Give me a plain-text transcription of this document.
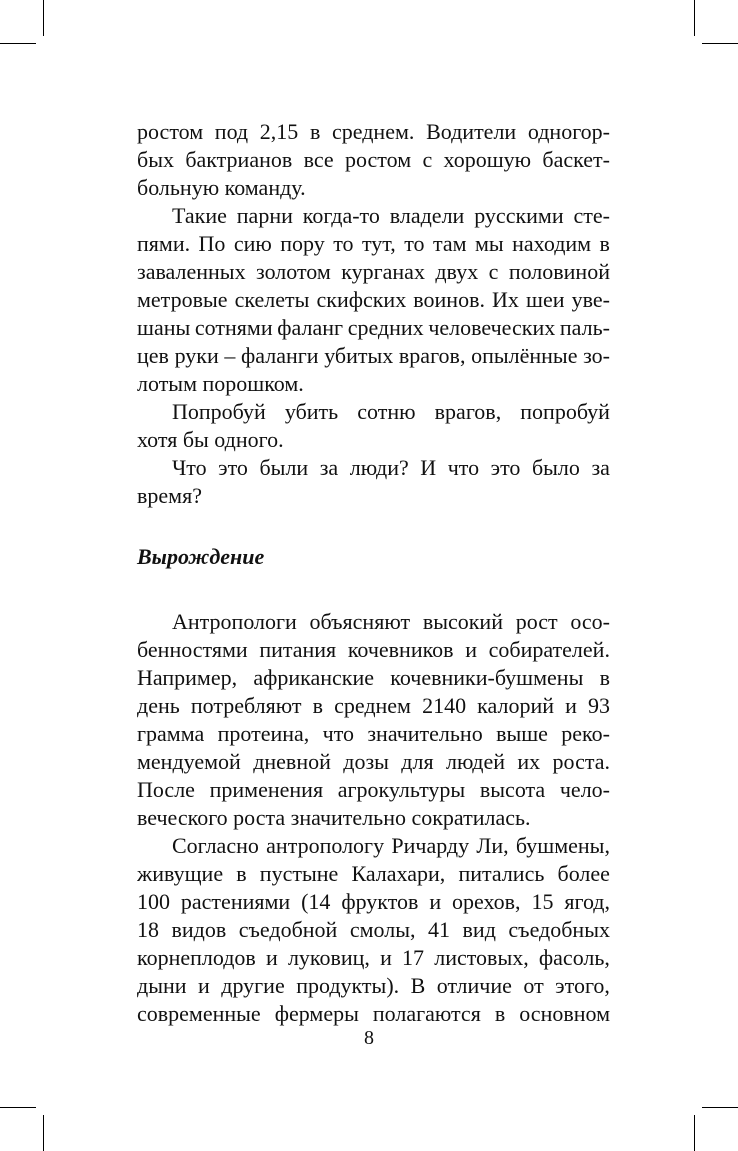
ростом под 2,15 в среднем. Водители одногор-
бых бактрианов все ростом с хорошую баскет-
больную команду.
Такие парни когда-то владели русскими сте-
пями. По сию пору то тут, то там мы находим в
заваленных золотом курганах двух с половиной
метровые скелеты скифских воинов. Их шеи уве-
шаны сотнями фаланг средних человеческих паль-
цев руки – фаланги убитых врагов, опылённые зо-
лотым порошком.
Попробуй убить сотню врагов, попробуй
хотя бы одного.
Что это были за люди? И что это было за
время?
Вырождение
Антропологи объясняют высокий рост осо-
бенностями питания кочевников и собирателей.
Например, африканские кочевники-бушмены в
день потребляют в среднем 2140 калорий и 93
грамма протеина, что значительно выше реко-
мендуемой дневной дозы для людей их роста.
После применения агрокультуры высота чело-
веческого роста значительно сократилась.
Согласно антропологу Ричарду Ли, бушмены,
живущие в пустыне Калахари, питались более
100 растениями (14 фруктов и орехов, 15 ягод,
18 видов съедобной смолы, 41 вид съедобных
корнеплодов и луковиц, и 17 листовых, фасоль,
дыни и другие продукты). В отличие от этого,
современные фермеры полагаются в основном
8
